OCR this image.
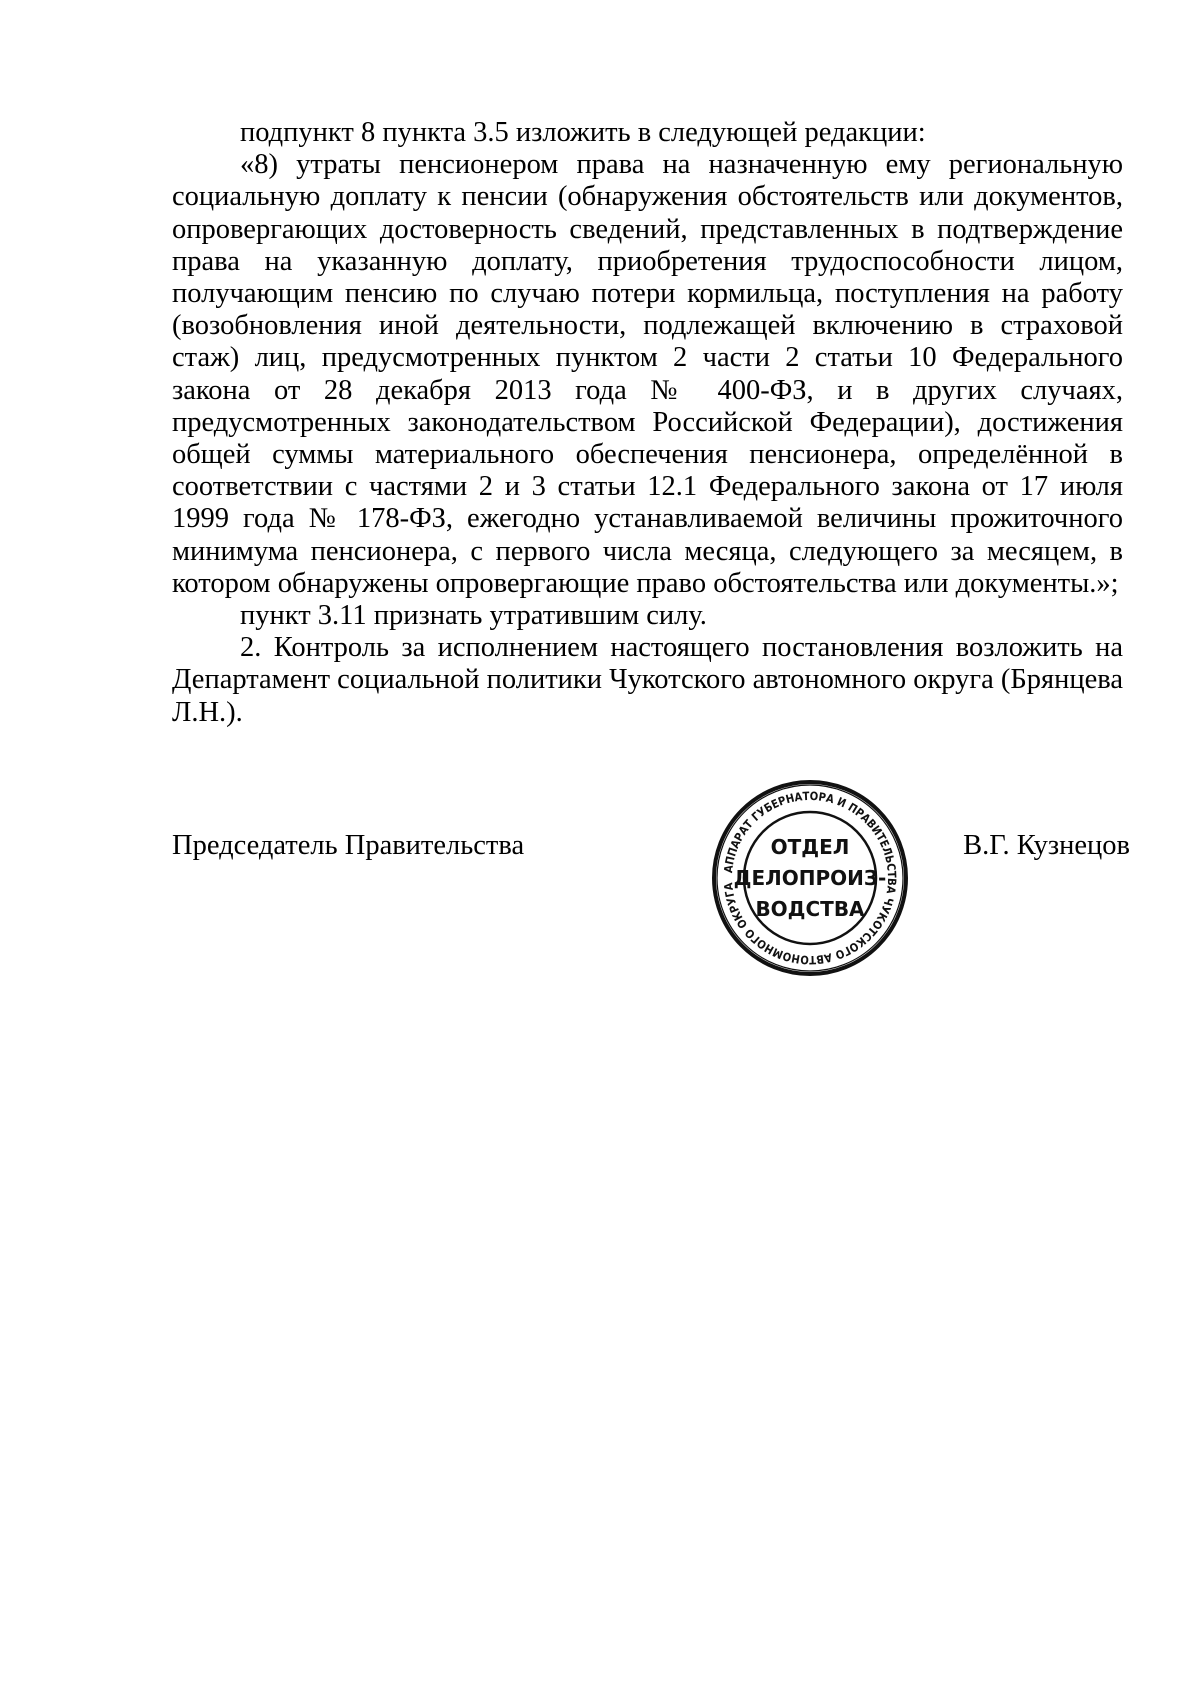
подпункт 8 пункта 3.5 изложить в следующей редакции:

«8) утраты пенсионером права на назначенную ему региональную социальную доплату к пенсии (обнаружения обстоятельств или документов, опровергающих достоверность сведений, представленных в подтверждение права на указанную доплату, приобретения трудоспособности лицом, получающим пенсию по случаю потери кормильца, поступления на работу (возобновления иной деятельности, подлежащей включению в страховой стаж) лиц, предусмотренных пунктом 2 части 2 статьи 10 Федерального закона от 28 декабря 2013 года № 400-ФЗ, и в других случаях, предусмотренных законодательством Российской Федерации), достижения общей суммы материального обеспечения пенсионера, определённой в соответствии с частями 2 и 3 статьи 12.1 Федерального закона от 17 июля 1999 года № 178-ФЗ, ежегодно устанавливаемой величины прожиточного минимума пенсионера, с первого числа месяца, следующего за месяцем, в котором обнаружены опровергающие право обстоятельства или документы.»;

пункт 3.11 признать утратившим силу.

2. Контроль за исполнением настоящего постановления возложить на Департамент социальной политики Чукотского автономного округа (Брянцева Л.Н.).

Председатель Правительства	В.Г. Кузнецов
АППАРАТ ГУБЕРНАТОРА И ПРАВИТЕЛЬСТВА ЧУКОТСКОГО АВТОНОМНОГО ОКРУГА
ОТДЕЛ
ДЕЛОПРОИЗ-
ВОДСТВА
